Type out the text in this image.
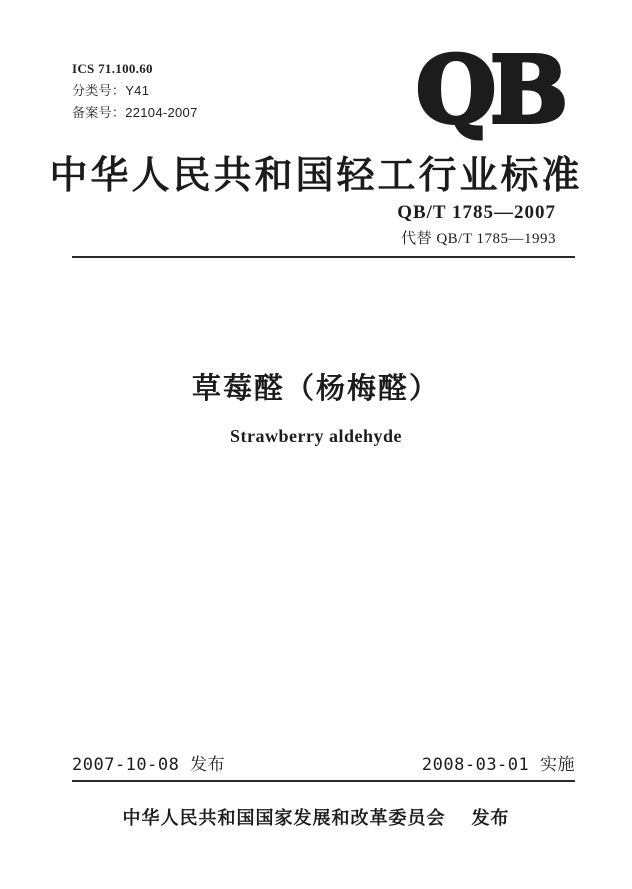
ICS 71.100.60
分类号：Y41
备案号：22104-2007 QB
中华人民共和国轻工行业标准
QB/T 1785—2007
代替 QB/T 1785—1993
草莓醛（杨梅醛）
Strawberry aldehyde
2007-10-08 发布	2008-03-01 实施
中华人民共和国国家发展和改革委员会 发布
